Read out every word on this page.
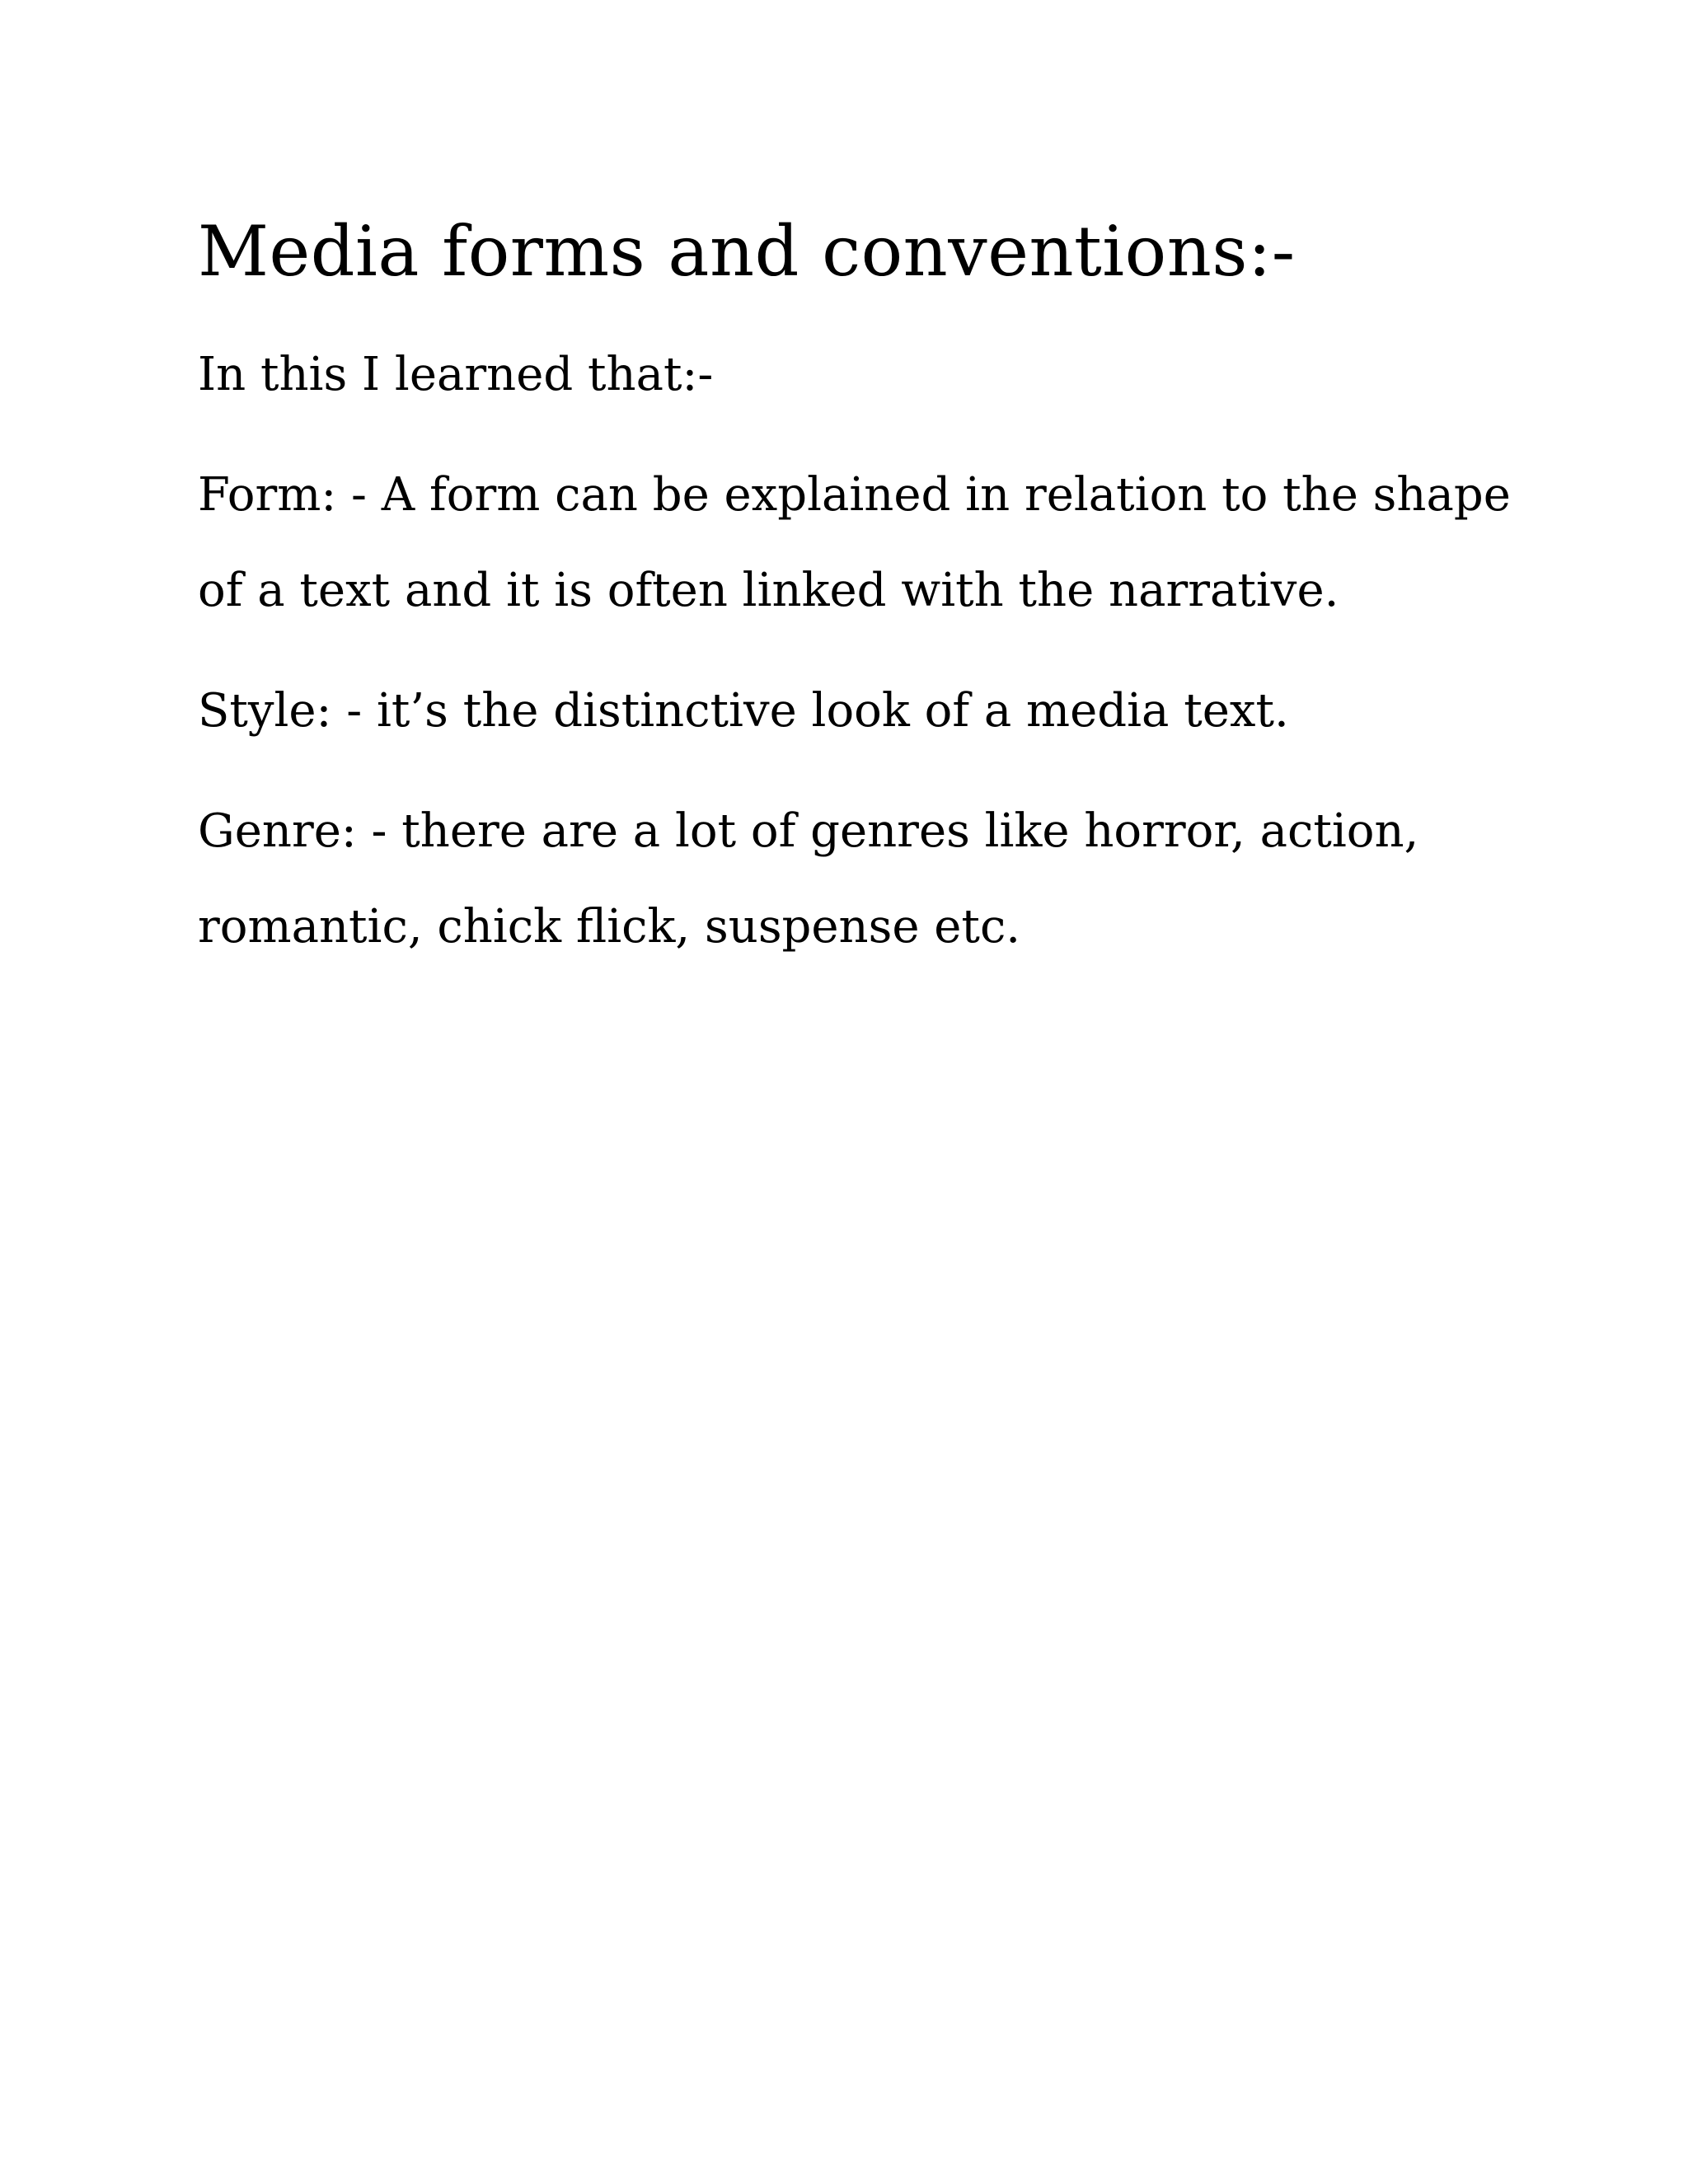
Media forms and conventions:-

In this I learned that:-

Form: - A form can be explained in relation to the shape of a text and it is often linked with the narrative.

Style: - it’s the distinctive look of a media text.

Genre: - there are a lot of genres like horror, action, romantic, chick flick, suspense etc.
